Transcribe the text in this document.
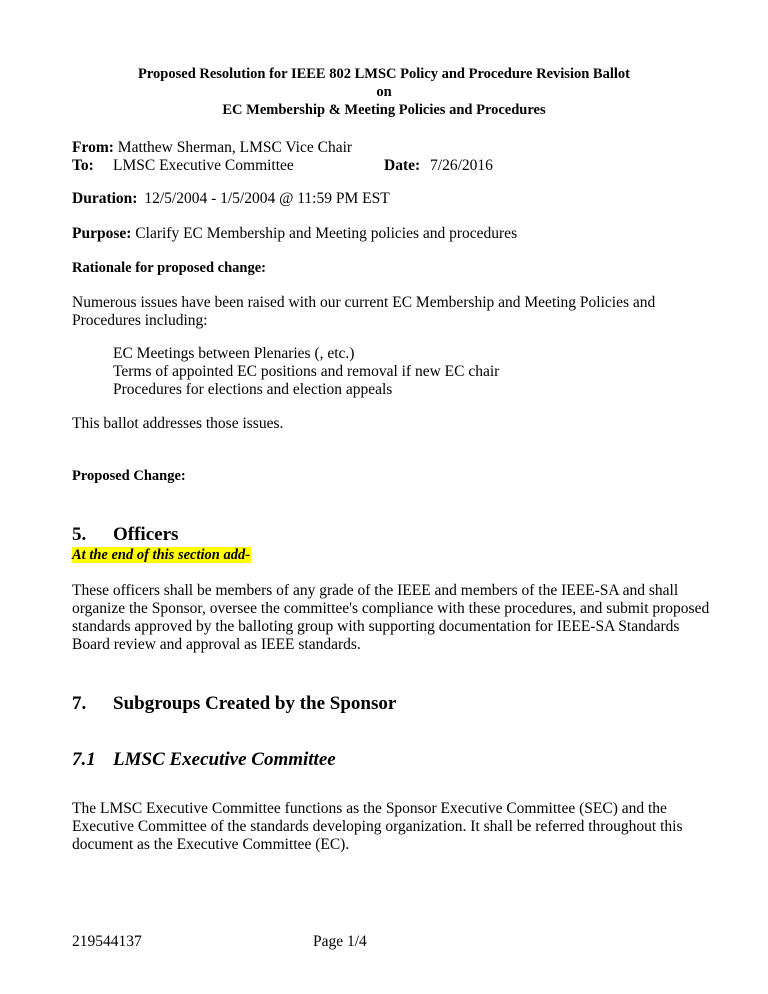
Proposed Resolution for IEEE 802 LMSC Policy and Procedure Revision Ballot
on
EC Membership & Meeting Policies and Procedures
From: Matthew Sherman, LMSC Vice Chair
To: LMSC Executive Committee	Date: 7/26/2016
Duration: 12/5/2004 - 1/5/2004 @ 11:59 PM EST
Purpose: Clarify EC Membership and Meeting policies and procedures
Rationale for proposed change:
Numerous issues have been raised with our current EC Membership and Meeting Policies and Procedures including:
EC Meetings between Plenaries (, etc.)
Terms of appointed EC positions and removal if new EC chair
Procedures for elections and election appeals
This ballot addresses those issues.
Proposed Change:
5. Officers
At the end of this section add-
These officers shall be members of any grade of the IEEE and members of the IEEE-SA and shall organize the Sponsor, oversee the committee's compliance with these procedures, and submit proposed standards approved by the balloting group with supporting documentation for IEEE-SA Standards Board review and approval as IEEE standards.
7. Subgroups Created by the Sponsor
7.1 LMSC Executive Committee
The LMSC Executive Committee functions as the Sponsor Executive Committee (SEC) and the Executive Committee of the standards developing organization. It shall be referred throughout this document as the Executive Committee (EC).
219544137	Page 1/4
